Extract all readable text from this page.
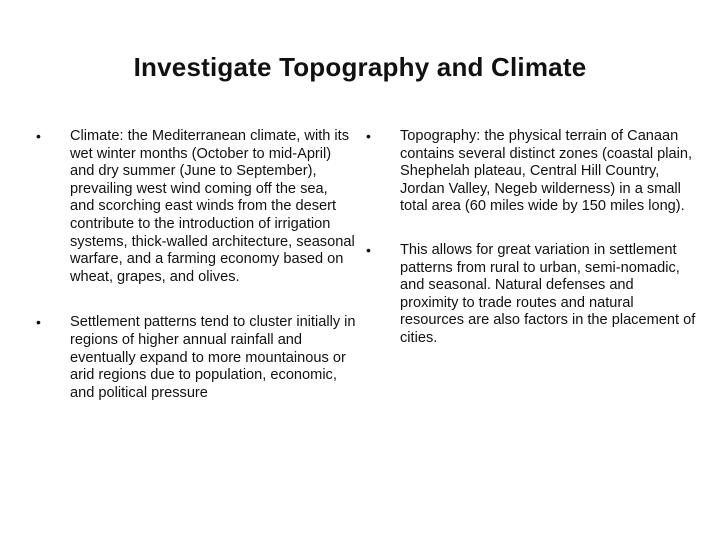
Investigate Topography and Climate
•	Climate: the Mediterranean climate, with its wet winter months (October to mid-April) and dry summer (June to September), prevailing west wind coming off the sea, and scorching east winds from the desert contribute to the introduction of irrigation systems, thick-walled architecture, seasonal warfare, and a farming economy based on wheat, grapes, and olives.
•	Settlement patterns tend to cluster initially in regions of higher annual rainfall and eventually expand to more mountainous or arid regions due to population, economic, and political pressure
•	Topography: the physical terrain of Canaan contains several distinct zones (coastal plain, Shephelah plateau, Central Hill Country, Jordan Valley, Negeb wilderness) in a small total area (60 miles wide by 150 miles long).
•	This allows for great variation in settlement patterns from rural to urban, semi-nomadic, and seasonal. Natural defenses and proximity to trade routes and natural resources are also factors in the placement of cities.
